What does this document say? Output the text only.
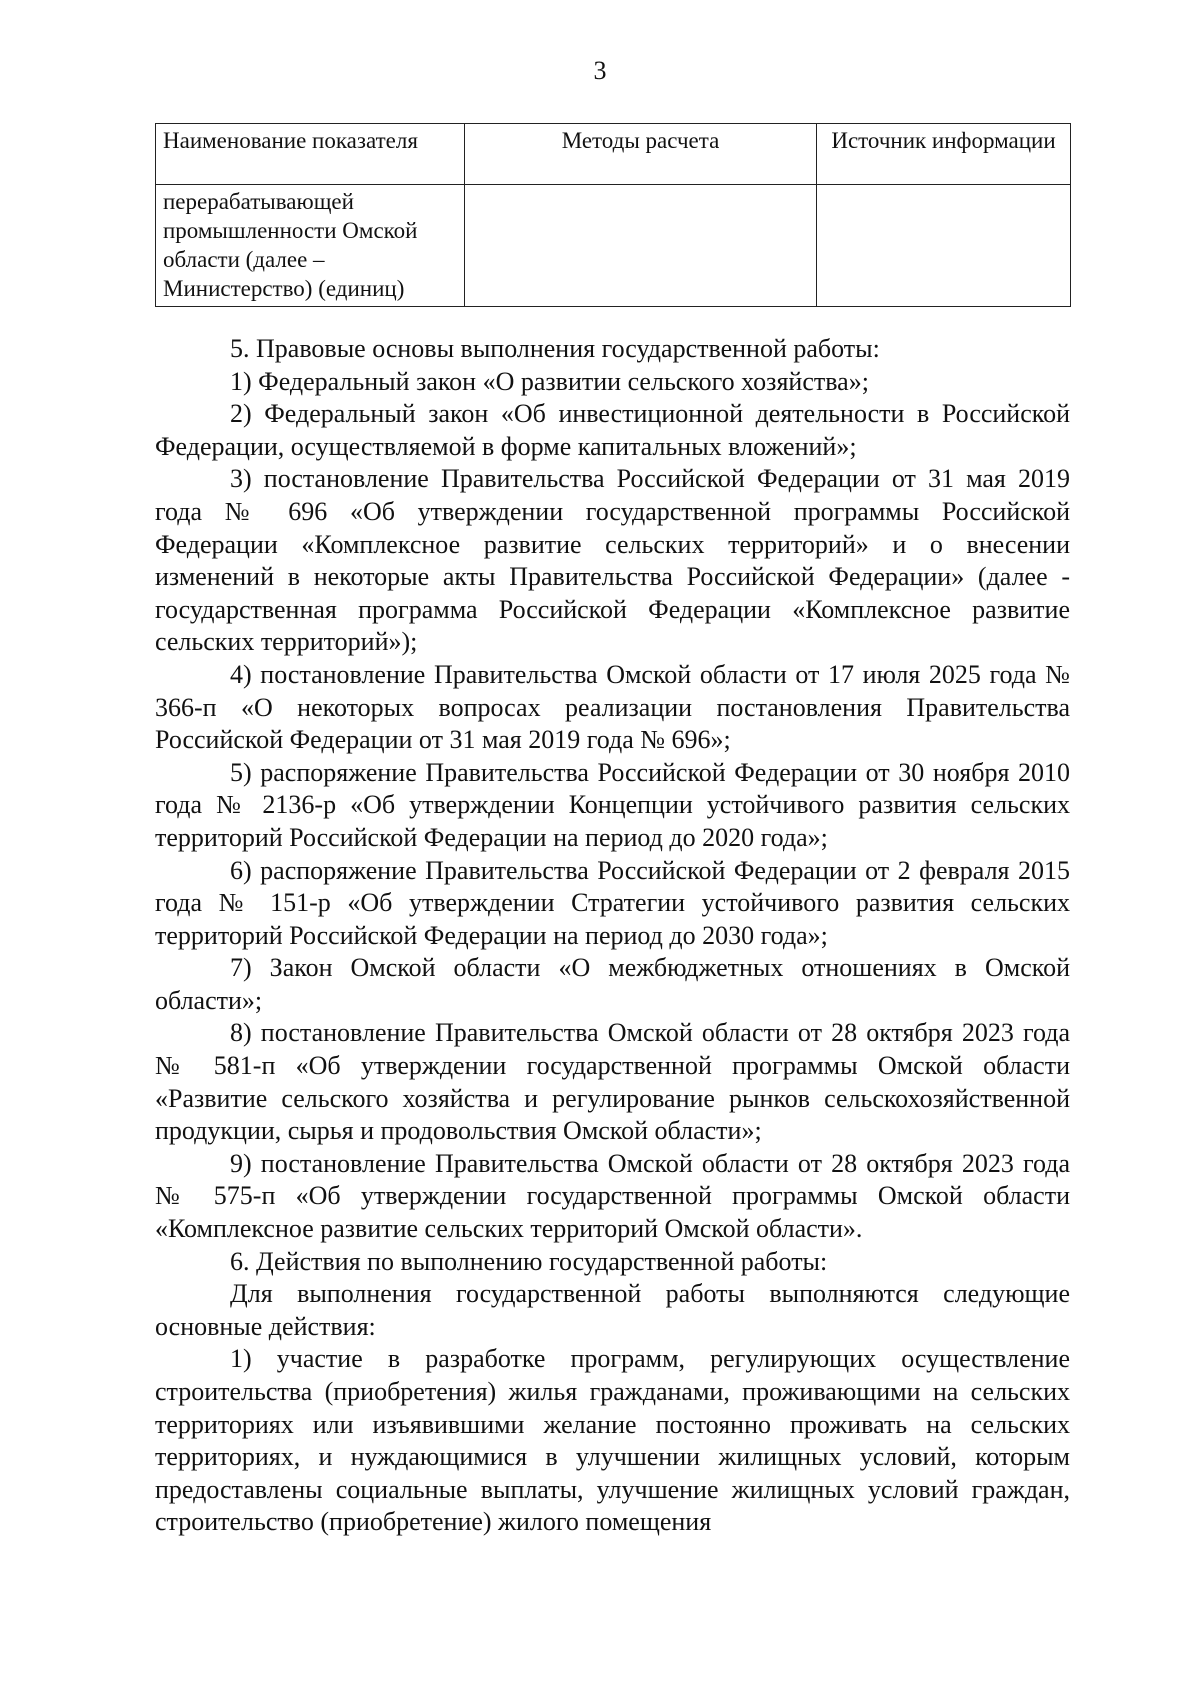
3
Наименование показателя	Методы расчета	Источник информации
перерабатывающей
промышленности Омской
области (далее –
Министерство) (единиц)		

5. Правовые основы выполнения государственной работы:

1) Федеральный закон «О развитии сельского хозяйства»;

2) Федеральный закон «Об инвестиционной деятельности в Российской Федерации, осуществляемой в форме капитальных вложений»;

3) постановление Правительства Российской Федерации от 31 мая 2019 года № 696 «Об утверждении государственной программы Российской Федерации «Комплексное развитие сельских территорий» и о внесении изменений в некоторые акты Правительства Российской Федерации» (далее - государственная программа Российской Федерации «Комплексное развитие сельских территорий»);

4) постановление Правительства Омской области от 17 июля 2025 года № 366-п «О некоторых вопросах реализации постановления Правительства Российской Федерации от 31 мая 2019 года № 696»;

5) распоряжение Правительства Российской Федерации от 30 ноября 2010 года № 2136-р «Об утверждении Концепции устойчивого развития сельских территорий Российской Федерации на период до 2020 года»;

6) распоряжение Правительства Российской Федерации от 2 февраля 2015 года № 151-р «Об утверждении Стратегии устойчивого развития сельских территорий Российской Федерации на период до 2030 года»;

7) Закон Омской области «О межбюджетных отношениях в Омской области»;

8) постановление Правительства Омской области от 28 октября 2023 года № 581-п «Об утверждении государственной программы Омской области «Развитие сельского хозяйства и регулирование рынков сельскохозяйственной продукции, сырья и продовольствия Омской области»;

9) постановление Правительства Омской области от 28 октября 2023 года № 575-п «Об утверждении государственной программы Омской области «Комплексное развитие сельских территорий Омской области».

6. Действия по выполнению государственной работы:

Для выполнения государственной работы выполняются следующие основные действия:

1) участие в разработке программ, регулирующих осуществление строительства (приобретения) жилья гражданами, проживающими на сельских территориях или изъявившими желание постоянно проживать на сельских территориях, и нуждающимися в улучшении жилищных условий, которым предоставлены социальные выплаты, улучшение жилищных условий граждан, строительство (приобретение) жилого помещения
